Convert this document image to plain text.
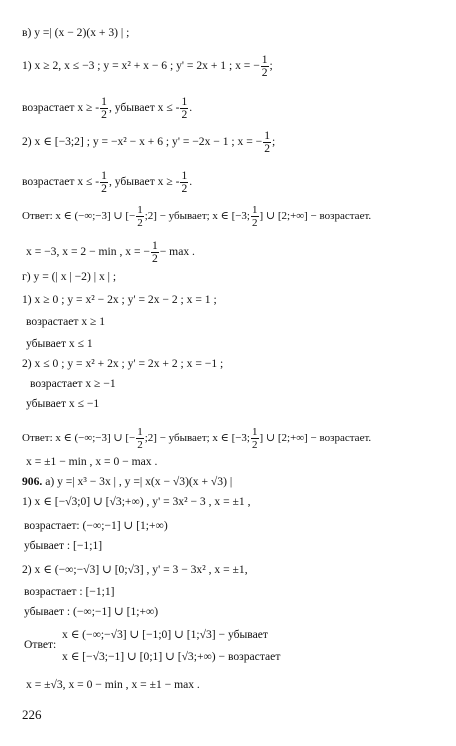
в) y =| (x − 2)(x + 3) | ;
1) x ≥ 2, x ≤ −3 ; y = x² + x − 6 ; y' = 2x + 1 ; x = − $\frac{1}{2}$ ;
возрастает x ≥ - $\frac{1}{2}$ , убывает x ≤ - $\frac{1}{2}$ .
2) x ∈ [−3;2] ; y = −x² − x + 6 ; y' = −2x − 1 ; x = − $\frac{1}{2}$ ;
возрастает x ≤ - $\frac{1}{2}$ , убывает x ≥ - $\frac{1}{2}$ .
Ответ: x ∈ (−∞;−3] ∪ [− $\frac{1}{2}$ ;2] − убывает; x ∈ [−3; $\frac{1}{2}$ ] ∪ [2;+∞] − возрастает.
x = −3, x = 2 − min , x = − $\frac{1}{2} - \max$ .
г) y = (| x | −2) | x | ;
1) x ≥ 0 ; y = x² − 2x ; y' = 2x − 2 ; x = 1 ;
возрастает x ≥ 1
убывает x ≤ 1
2) x ≤ 0 ; y = x² + 2x ; y' = 2x + 2 ; x = −1 ;
возрастает x ≥ −1
убывает x ≤ −1
Ответ: x ∈ (−∞;−3] ∪ [− $\frac{1}{2}$ ;2] − убывает; x ∈ [−3; $\frac{1}{2}$ ] ∪ [2;+∞] − возрастает.
x = ±1 − min , x = 0 − max .
906. а) y =| x³ − 3x | , y =| x(x − √3)(x + √3) |
1) x ∈ [−√3;0] ∪ [√3;+∞) , y' = 3x² − 3 , x = ±1 ,
возрастает: (−∞;−1] ∪ [1;+∞)
убывает : [−1;1]
2) x ∈ (−∞;−√3] ∪ [0;√3] , y' = 3 − 3x² , x = ±1,
возрастает : [−1;1]
убывает : (−∞;−1] ∪ [1;+∞)
Ответ:
x ∈ (−∞;−√3] ∪ [−1;0] ∪ [1;√3] − убывает
x ∈ [−√3;−1] ∪ [0;1] ∪ [√3;+∞) − возрастает
x = ±√3, x = 0 − min , x = ±1 − max .
226
